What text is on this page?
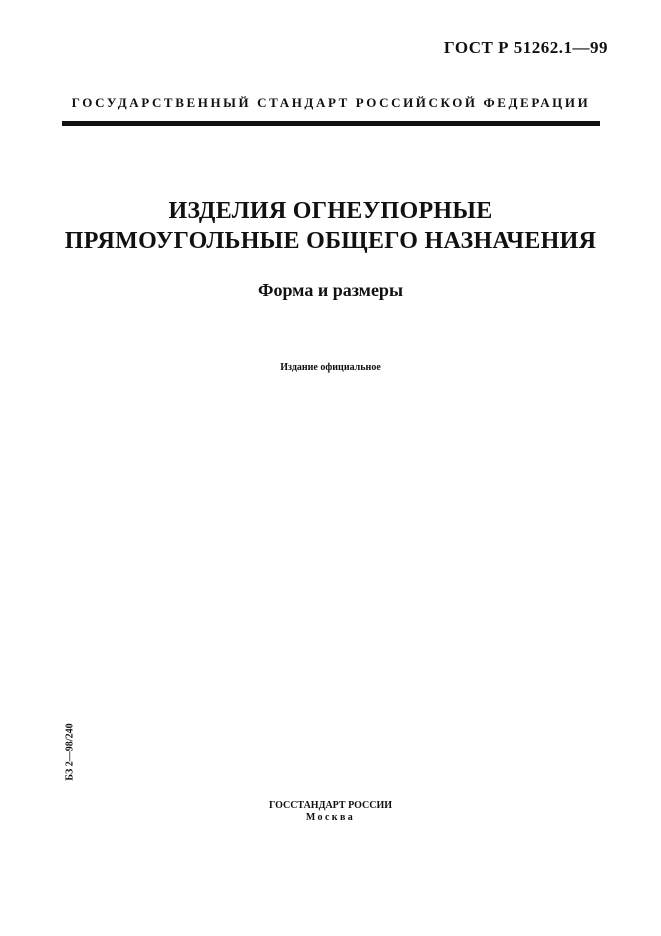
ГОСТ Р 51262.1—99
ГОСУДАРСТВЕННЫЙ СТАНДАРТ РОССИЙСКОЙ ФЕДЕРАЦИИ
ИЗДЕЛИЯ ОГНЕУПОРНЫЕ
ПРЯМОУГОЛЬНЫЕ ОБЩЕГО НАЗНАЧЕНИЯ
Форма и размеры
Издание официальное
БЗ 2—98/240
ГОССТАНДАРТ РОССИИ
Москва
